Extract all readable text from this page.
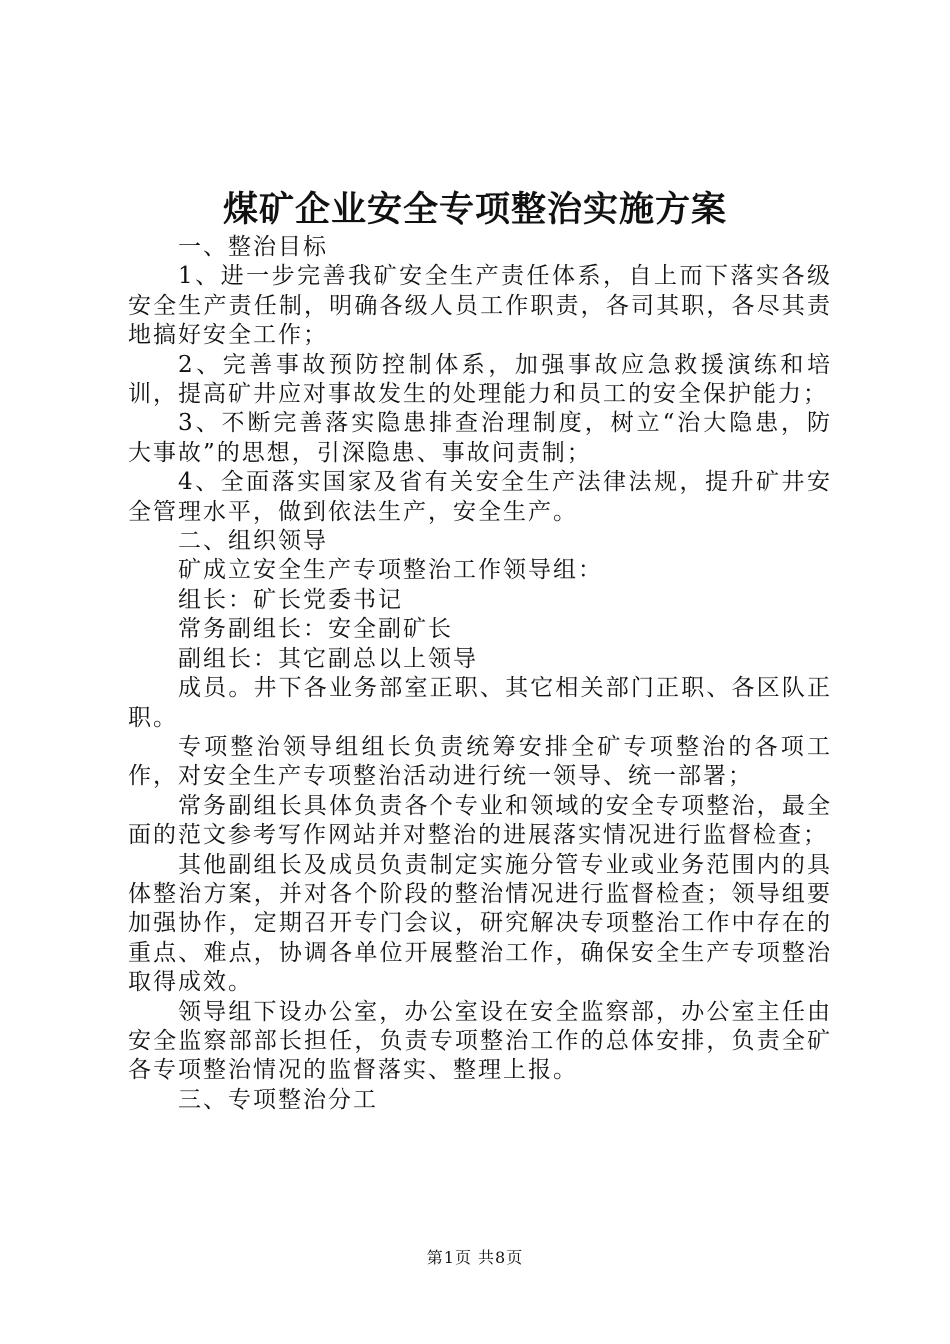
煤矿企业安全专项整治实施方案

一、整治目标

1、进一步完善我矿安全生产责任体系，自上而下落实各级安全生产责任制，明确各级人员工作职责，各司其职，各尽其责地搞好安全工作；

2、完善事故预防控制体系，加强事故应急救援演练和培训，提高矿井应对事故发生的处理能力和员工的安全保护能力；

3、不断完善落实隐患排查治理制度，树立“治大隐患，防大事故”的思想，引深隐患、事故问责制；

4、全面落实国家及省有关安全生产法律法规，提升矿井安全管理水平，做到依法生产，安全生产。

二、组织领导

矿成立安全生产专项整治工作领导组：

组长：矿长党委书记

常务副组长：安全副矿长

副组长：其它副总以上领导

成员。井下各业务部室正职、其它相关部门正职、各区队正职。

专项整治领导组组长负责统筹安排全矿专项整治的各项工作，对安全生产专项整治活动进行统一领导、统一部署；

常务副组长具体负责各个专业和领域的安全专项整治，最全面的范文参考写作网站并对整治的进展落实情况进行监督检查；

其他副组长及成员负责制定实施分管专业或业务范围内的具体整治方案，并对各个阶段的整治情况进行监督检查；领导组要加强协作，定期召开专门会议，研究解决专项整治工作中存在的重点、难点，协调各单位开展整治工作，确保安全生产专项整治取得成效。

领导组下设办公室，办公室设在安全监察部，办公室主任由安全监察部部长担任，负责专项整治工作的总体安排，负责全矿各专项整治情况的监督落实、整理上报。

三、专项整治分工

第1页 共8页
